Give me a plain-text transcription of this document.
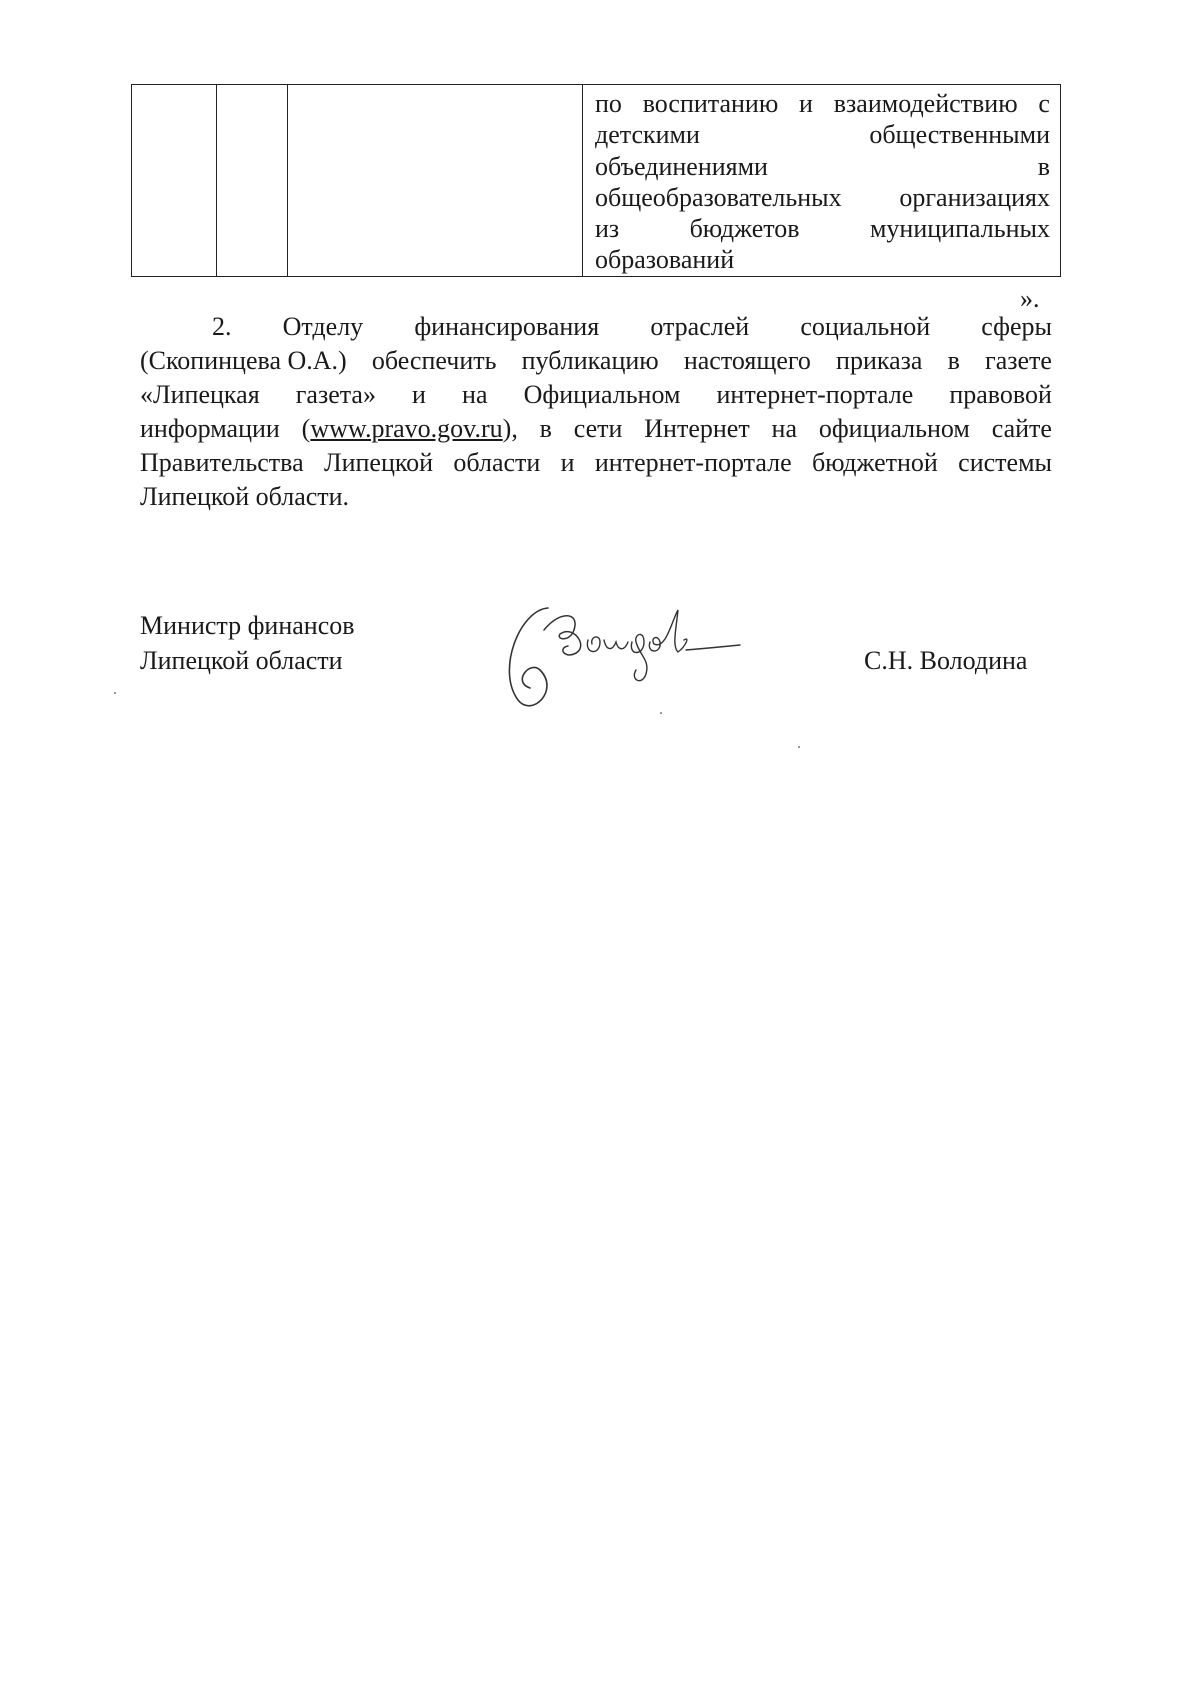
по воспитанию и взаимодействию с
детскими	общественными
объединениями	в
общеобразовательных организациях
из	бюджетов	муниципальных
образований
».
2. Отделу финансирования отраслей социальной сферы
(Скопинцева О.А.) обеспечить публикацию настоящего приказа в газете
«Липецкая газета» и на Официальном интернет-портале правовой
информации (www.pravo.gov.ru), в сети Интернет на официальном сайте
Правительства Липецкой области и интернет-портале бюджетной системы
Липецкой области.
Министр финансов
Липецкой области	С.Н. Володина
